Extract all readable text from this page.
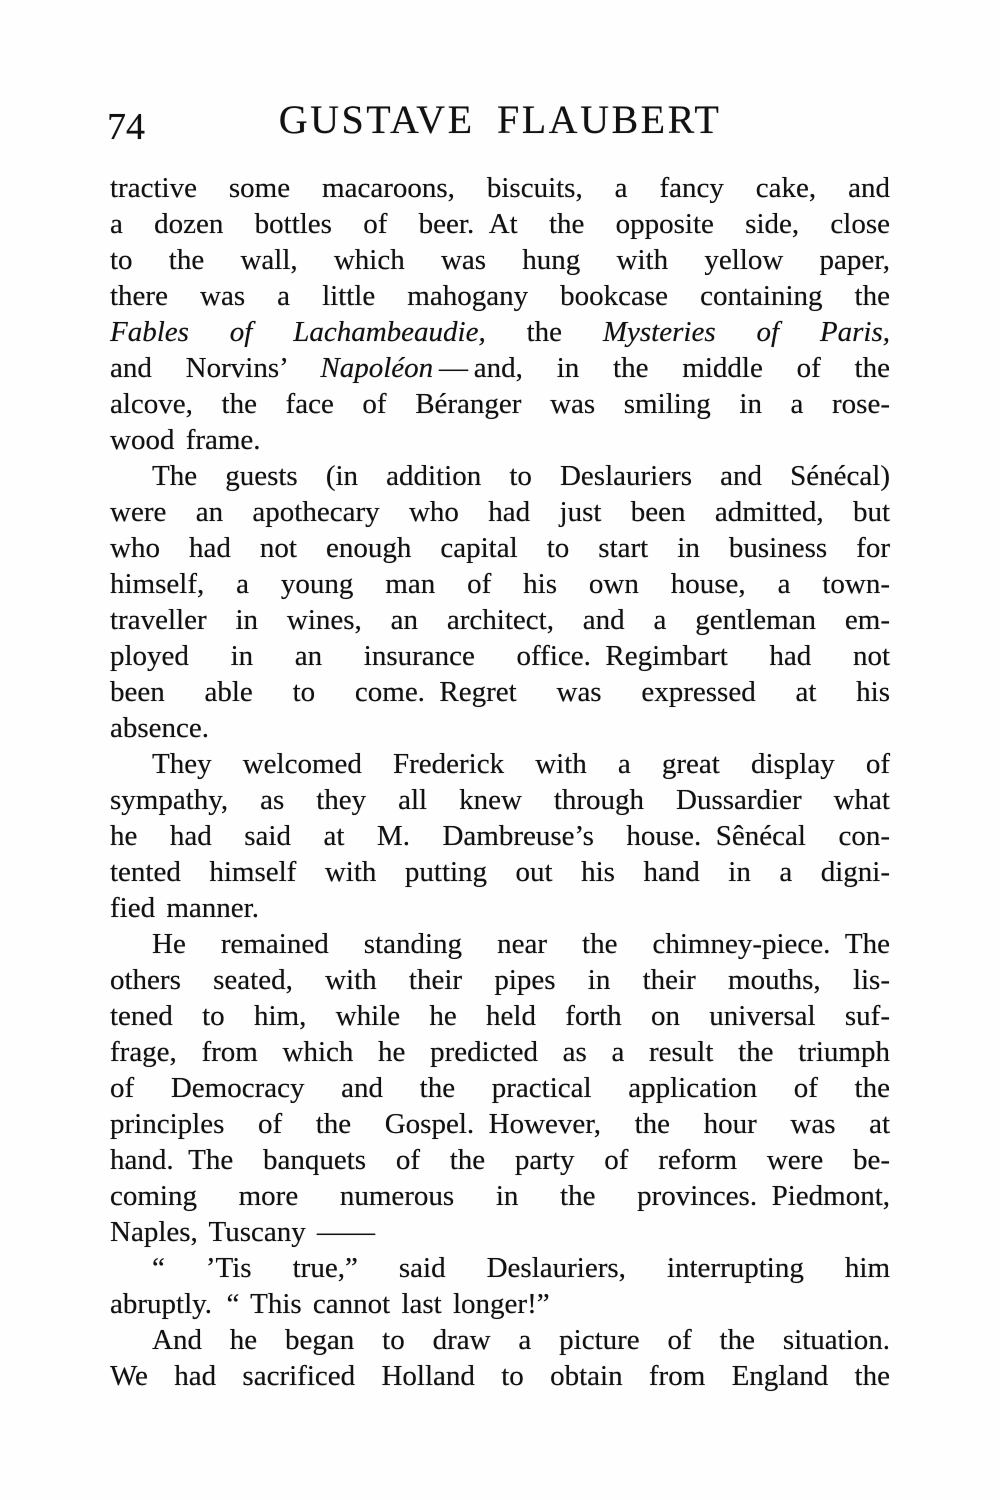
74	GUSTAVE FLAUBERT
tractive some macaroons, biscuits, a fancy cake, and
a dozen bottles of beer. At the opposite side, close
to the wall, which was hung with yellow paper,
there was a little mahogany bookcase containing the
Fables of Lachambeaudie, the Mysteries of Paris,
and Norvins’ Napoléon — and, in the middle of the
alcove, the face of Béranger was smiling in a rose-
wood frame.
The guests (in addition to Deslauriers and Sénécal)
were an apothecary who had just been admitted, but
who had not enough capital to start in business for
himself, a young man of his own house, a town-
traveller in wines, an architect, and a gentleman em-
ployed in an insurance office. Regimbart had not
been able to come. Regret was expressed at his
absence.
They welcomed Frederick with a great display of
sympathy, as they all knew through Dussardier what
he had said at M. Dambreuse’s house. Sênécal con-
tented himself with putting out his hand in a digni-
fied manner.
He remained standing near the chimney-piece. The
others seated, with their pipes in their mouths, lis-
tened to him, while he held forth on universal suf-
frage, from which he predicted as a result the triumph
of Democracy and the practical application of the
principles of the Gospel. However, the hour was at
hand. The banquets of the party of reform were be-
coming more numerous in the provinces. Piedmont,
Naples, Tuscany ——
“ ’Tis true,” said Deslauriers, interrupting him
abruptly. “ This cannot last longer!”
And he began to draw a picture of the situation.
We had sacrificed Holland to obtain from England the
